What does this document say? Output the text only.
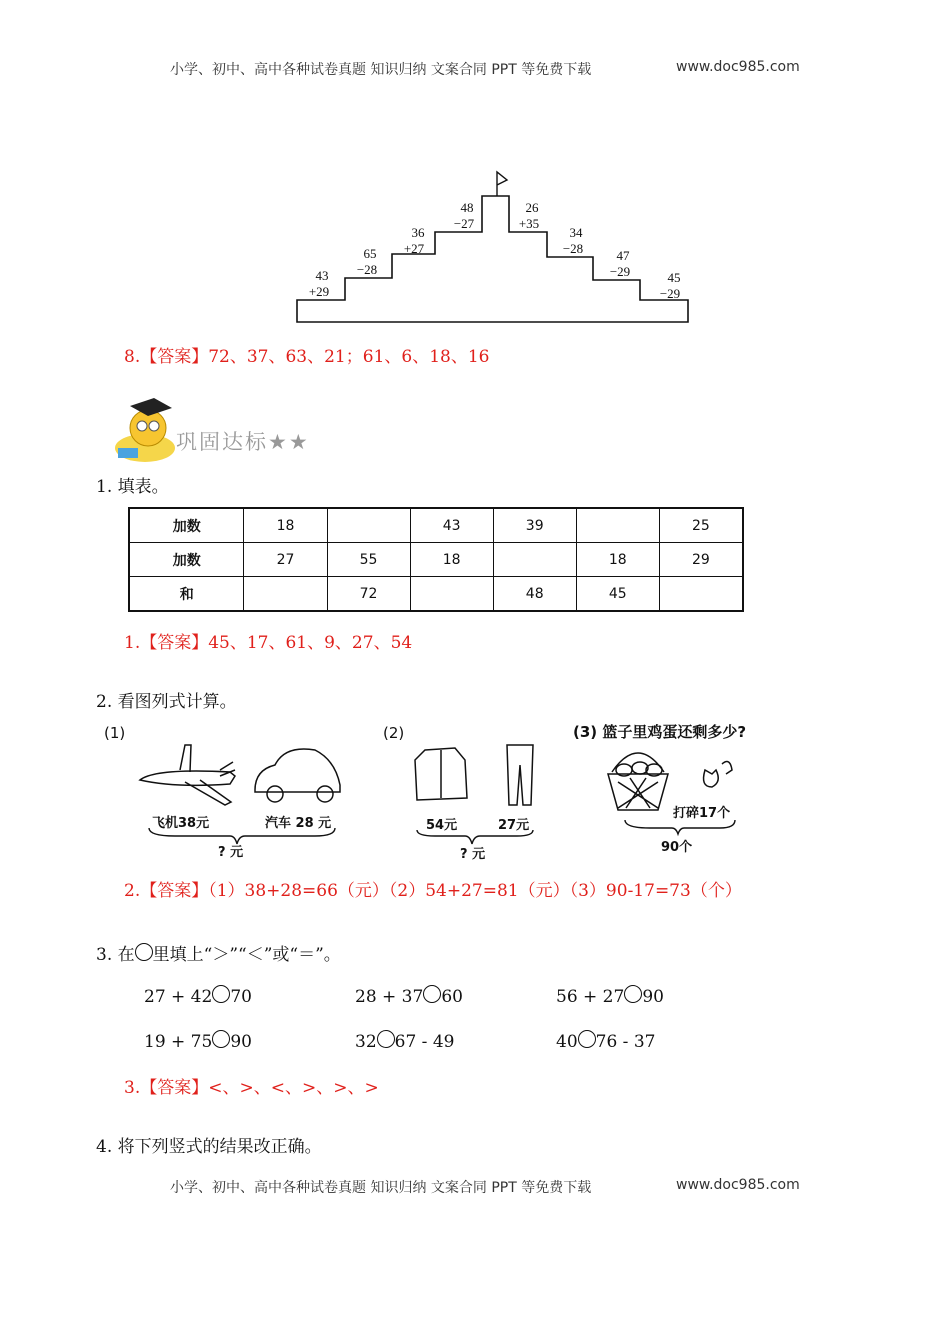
小学、初中、高中各种试卷真题 知识归纳 文案合同 PPT 等免费下载	www.doc985.com
43
+29
65
−28
36
+27
48
−27
26
+35
34
−28	47
−29	45
−29
8.【答案】72、37、63、21；61、6、18、16
巩固达标★★
1. 填表。
加数	18		43	39		25
加数	27	55	18		18	29
和		72		48	45	
1.【答案】45、17、61、9、27、54
2. 看图列式计算。
(1)
飞机38元	汽车 28 元
? 元
(2)
54元	27元
? 元
(3) 篮子里鸡蛋还剩多少?
打碎17个
90个
2.【答案】（1）38+28=66（元）（2）54+27=81（元）（3）90-17=73（个）
3. 在 里填上“＞”“＜”或“＝”。
27 + 42 70	28 + 37 60	56 + 27 90
19 + 75 90	32 67 - 49	40 76 - 37
3.【答案】<、>、<、>、>、>
4. 将下列竖式的结果改正确。
小学、初中、高中各种试卷真题 知识归纳 文案合同 PPT 等免费下载	www.doc985.com
